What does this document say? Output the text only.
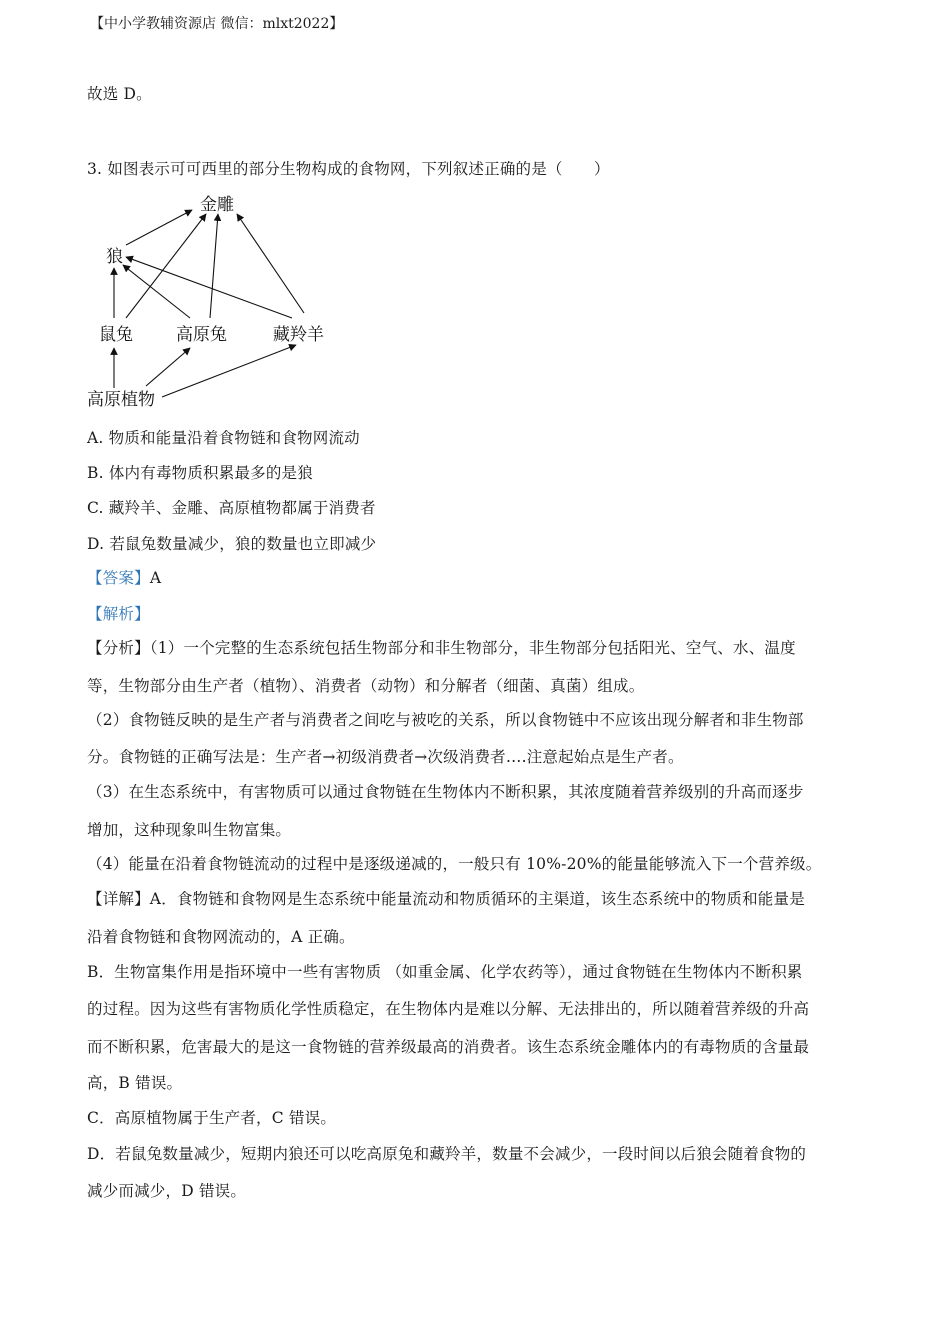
【中小学教辅资源店 微信：mlxt2022】
故选 D。
3. 如图表示可可西里的部分生物构成的食物网，下列叙述正确的是（　　）
金雕
狼
鼠兔	高原兔	藏羚羊
高原植物
A. 物质和能量沿着食物链和食物网流动
B. 体内有毒物质积累最多的是狼
C. 藏羚羊、金雕、高原植物都属于消费者
D. 若鼠兔数量减少，狼的数量也立即减少
【答案】A
【解析】
【分析】（1）一个完整的生态系统包括生物部分和非生物部分，非生物部分包括阳光、空气、水、温度
等，生物部分由生产者（植物）、消费者（动物）和分解者（细菌、真菌）组成。
（2）食物链反映的是生产者与消费者之间吃与被吃的关系，所以食物链中不应该出现分解者和非生物部
分。食物链的正确写法是：生产者→初级消费者→次级消费者….注意起始点是生产者。
（3）在生态系统中，有害物质可以通过食物链在生物体内不断积累，其浓度随着营养级别的升高而逐步
增加，这种现象叫生物富集。
（4）能量在沿着食物链流动的过程中是逐级递减的，一般只有 10%-20%的能量能够流入下一个营养级。
【详解】A．食物链和食物网是生态系统中能量流动和物质循环的主渠道，该生态系统中的物质和能量是
沿着食物链和食物网流动的，A 正确。
B．生物富集作用是指环境中一些有害物质 （如重金属、化学农药等），通过食物链在生物体内不断积累
的过程。因为这些有害物质化学性质稳定，在生物体内是难以分解、无法排出的，所以随着营养级的升高
而不断积累，危害最大的是这一食物链的营养级最高的消费者。该生态系统金雕体内的有毒物质的含量最
高，B 错误。
C．高原植物属于生产者，C 错误。
D．若鼠兔数量减少，短期内狼还可以吃高原兔和藏羚羊，数量不会减少，一段时间以后狼会随着食物的
减少而减少，D 错误。
